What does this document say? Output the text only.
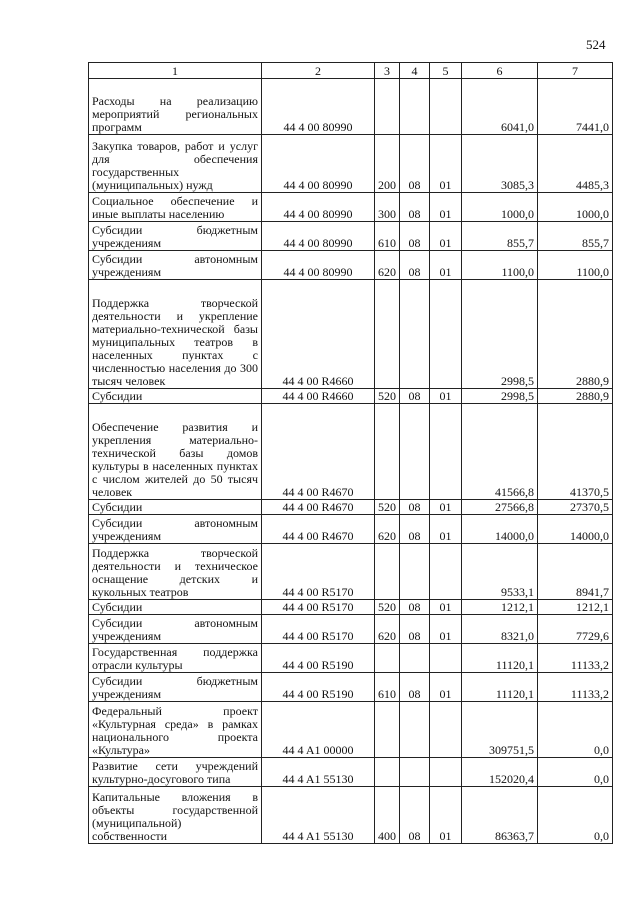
524
1	2	3	4	5	6	7
Расходы на реализацию мероприятий региональных программ	44 4 00 80990				6041,0	7441,0
Закупка товаров, работ и услуг для обеспечения государственных (муниципальных) нужд	44 4 00 80990	200	08	01	3085,3	4485,3
Социальное обеспечение и иные выплаты населению	44 4 00 80990	300	08	01	1000,0	1000,0
Субсидии бюджетным учреждениям	44 4 00 80990	610	08	01	855,7	855,7
Субсидии автономным учреждениям	44 4 00 80990	620	08	01	1100,0	1100,0
Поддержка творческой деятельности и укрепление материально-технической базы муниципальных театров в населенных пунктах с численностью населения до 300 тысяч человек	44 4 00 R4660				2998,5	2880,9
Субсидии	44 4 00 R4660	520	08	01	2998,5	2880,9
Обеспечение развития и укрепления материально-технической базы домов культуры в населенных пунктах с числом жителей до 50 тысяч человек	44 4 00 R4670				41566,8	41370,5
Субсидии	44 4 00 R4670	520	08	01	27566,8	27370,5
Субсидии автономным учреждениям	44 4 00 R4670	620	08	01	14000,0	14000,0
Поддержка творческой деятельности и техническое оснащение детских и кукольных театров	44 4 00 R5170				9533,1	8941,7
Субсидии	44 4 00 R5170	520	08	01	1212,1	1212,1
Субсидии автономным учреждениям	44 4 00 R5170	620	08	01	8321,0	7729,6
Государственная поддержка отрасли культуры	44 4 00 R5190				11120,1	11133,2
Субсидии бюджетным учреждениям	44 4 00 R5190	610	08	01	11120,1	11133,2
Федеральный проект «Культурная среда» в рамках национального проекта «Культура»	44 4 A1 00000				309751,5	0,0
Развитие сети учреждений культурно-досугового типа	44 4 A1 55130				152020,4	0,0
Капитальные вложения в объекты государственной (муниципальной) собственности	44 4 A1 55130	400	08	01	86363,7	0,0
